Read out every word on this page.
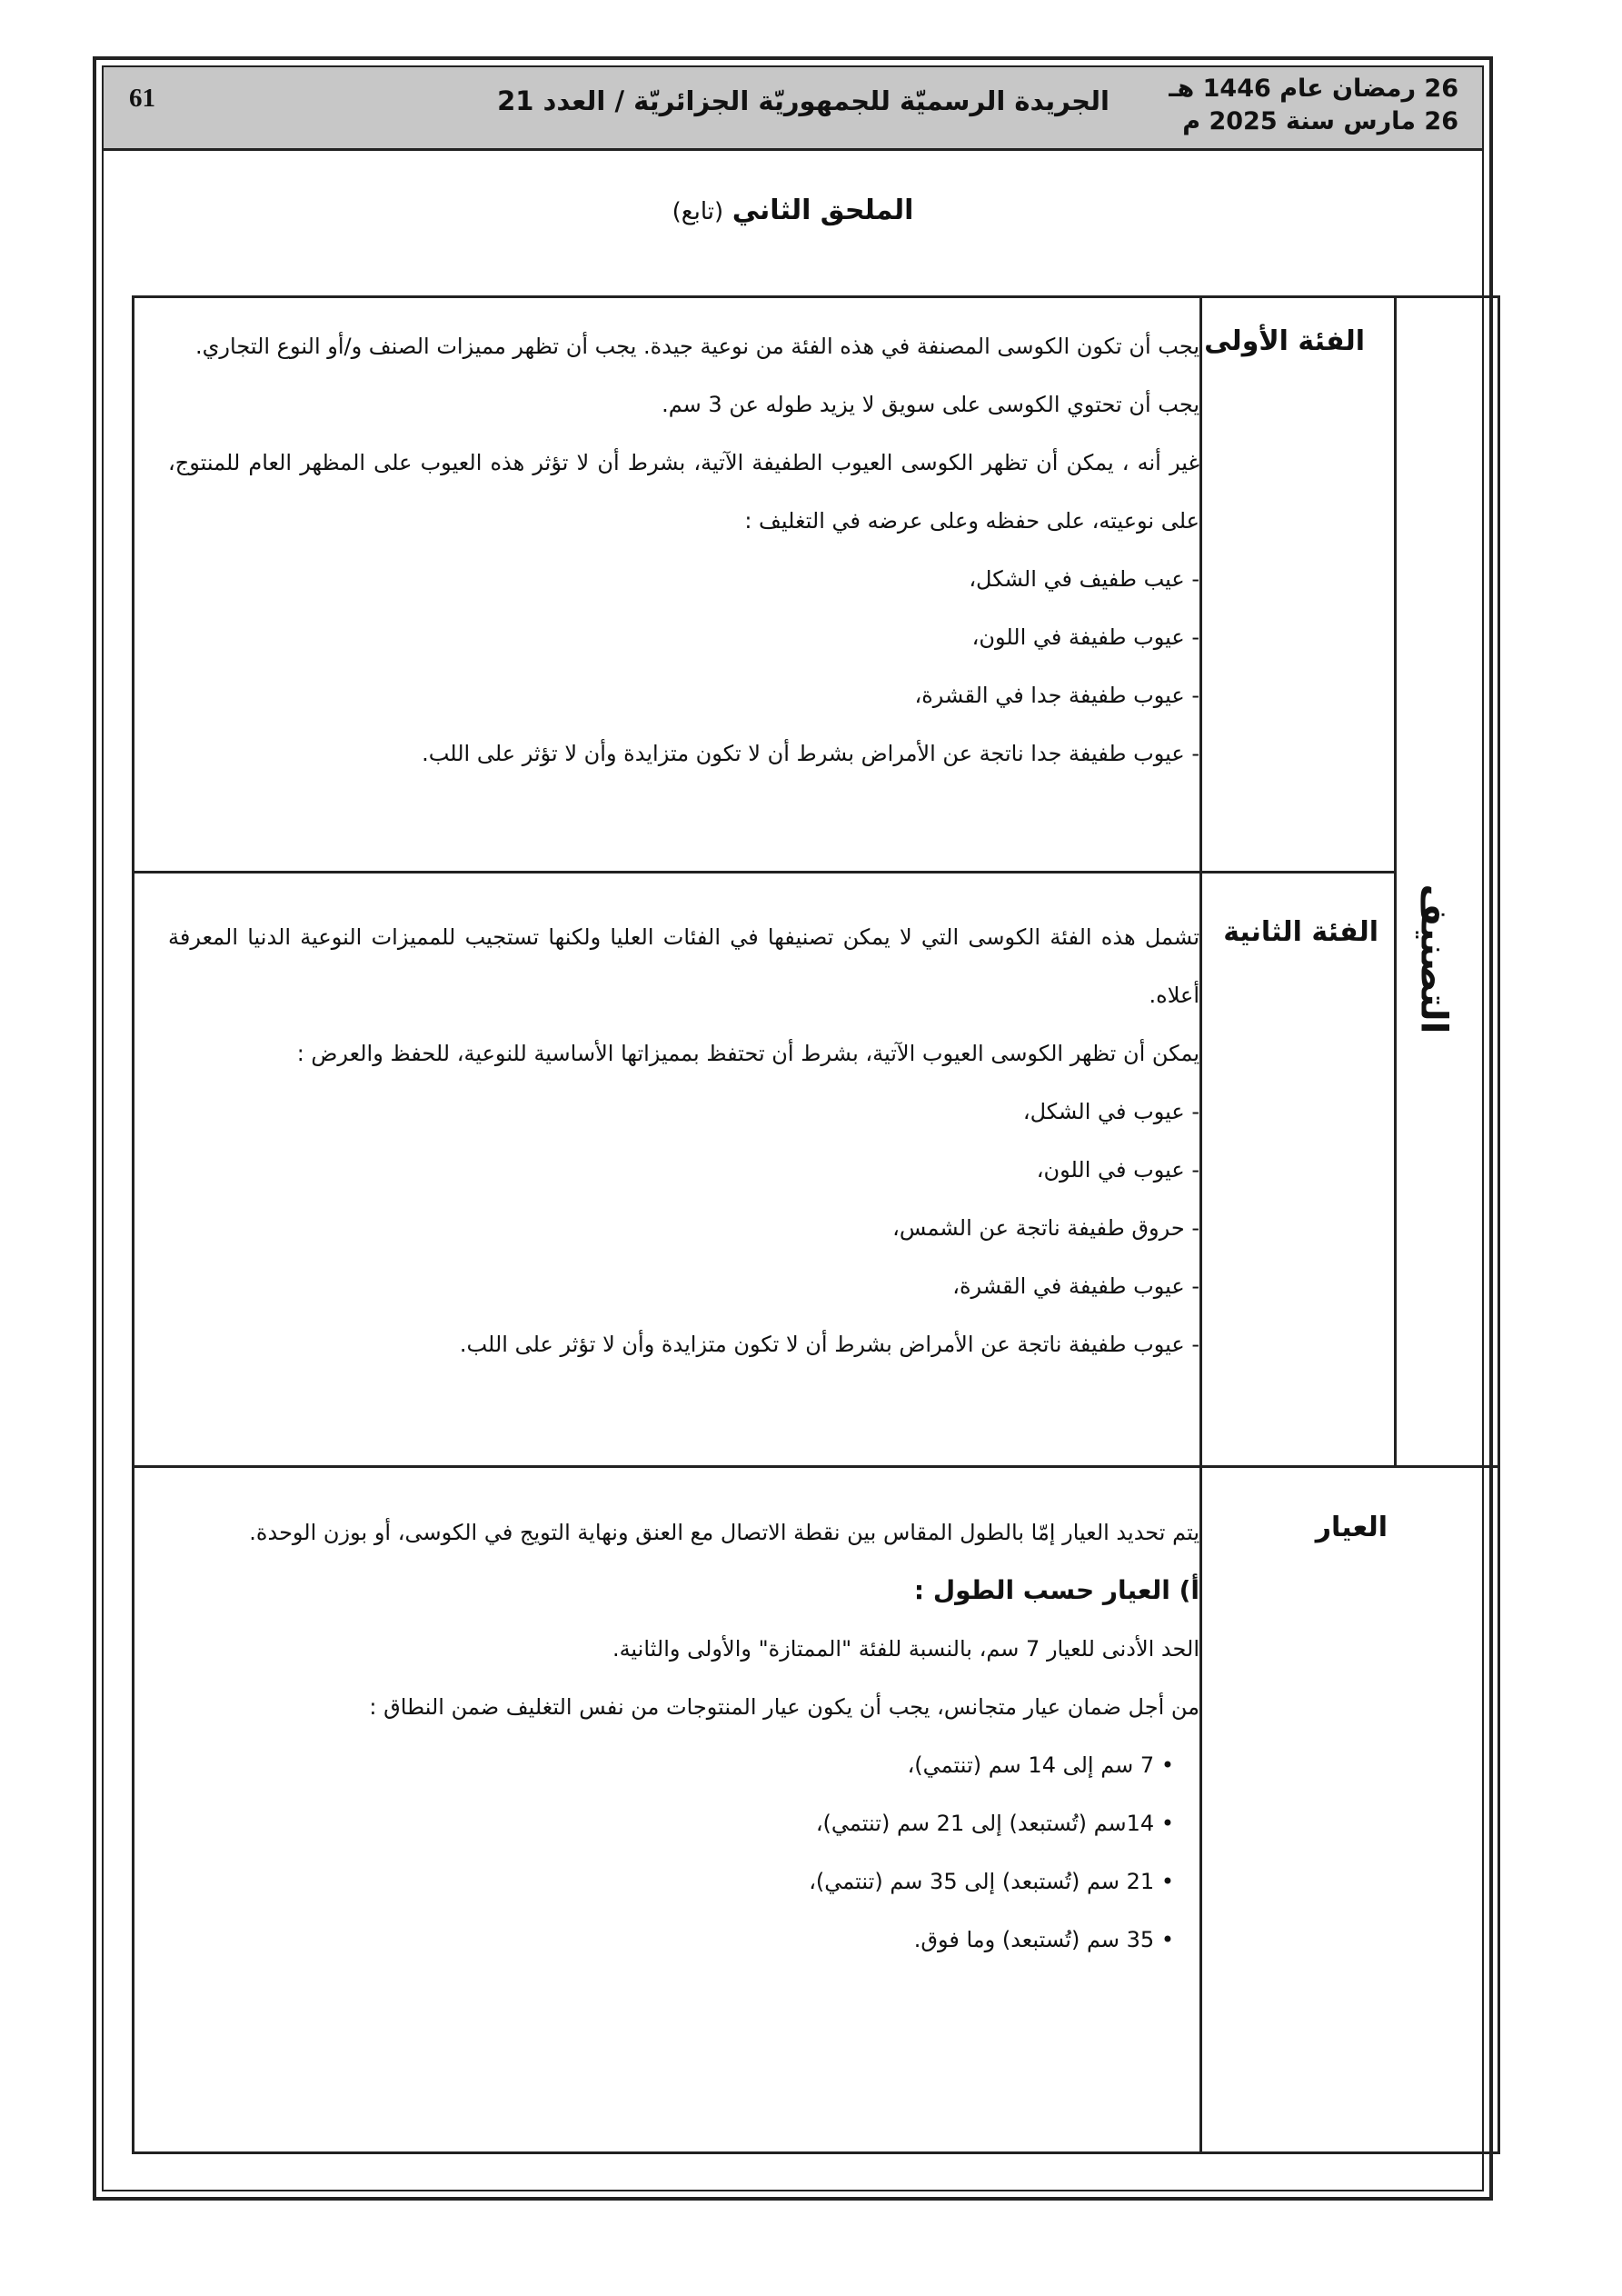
26 رمضان عام 1446 هـ
26 مارس سنة 2025 م
الجريدة الرسميّة للجمهوريّة الجزائريّة / العدد 21
61
الملحق الثاني (تابع)
التصنيف
الفئة الأولى
الفئة الثانية
العيار

يجب أن تكون الكوسى المصنفة في هذه الفئة من نوعية جيدة. يجب أن تظهر مميزات الصنف و/أو النوع التجاري.

يجب أن تحتوي الكوسى على سويق لا يزيد طوله عن 3 سم.

غير أنه ، يمكن أن تظهر الكوسى العيوب الطفيفة الآتية، بشرط أن لا تؤثر هذه العيوب على المظهر العام للمنتوج، على نوعيته، على حفظه وعلى عرضه في التغليف :

- عيب طفيف في الشكل،

- عيوب طفيفة في اللون،

- عيوب طفيفة جدا في القشرة،

- عيوب طفيفة جدا ناتجة عن الأمراض بشرط أن لا تكون متزايدة وأن لا تؤثر على اللب.

تشمل هذه الفئة الكوسى التي لا يمكن تصنيفها في الفئات العليا ولكنها تستجيب للمميزات النوعية الدنيا المعرفة أعلاه.

يمكن أن تظهر الكوسى العيوب الآتية، بشرط أن تحتفظ بمميزاتها الأساسية للنوعية، للحفظ والعرض :

- عيوب في الشكل،

- عيوب في اللون،

- حروق طفيفة ناتجة عن الشمس،

- عيوب طفيفة في القشرة،

- عيوب طفيفة ناتجة عن الأمراض بشرط أن لا تكون متزايدة وأن لا تؤثر على اللب.

يتم تحديد العيار إمّا بالطول المقاس بين نقطة الاتصال مع العنق ونهاية التويج في الكوسى، أو بوزن الوحدة.

أ) العيار حسب الطول :

الحد الأدنى للعيار 7 سم، بالنسبة للفئة "الممتازة" والأولى والثانية.

من أجل ضمان عيار متجانس، يجب أن يكون عيار المنتوجات من نفس التغليف ضمن النطاق :

• 7 سم إلى 14 سم (تنتمي)،

• 14سم (تُستبعد) إلى 21 سم (تنتمي)،

• 21 سم (تُستبعد) إلى 35 سم (تنتمي)،

• 35 سم (تُستبعد) وما فوق.
